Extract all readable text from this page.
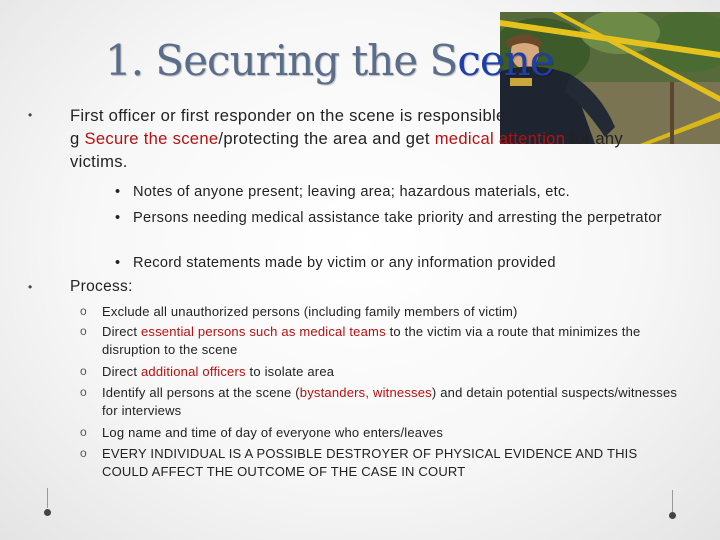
1. Securing the Scene
•	First officer or first responder on the scene is responsible
g Secure the scene/protecting the area and get medical attention for any victims.
• Notes of anyone present; leaving area; hazardous materials, etc.
• Persons needing medical assistance take priority and arresting the perpetrator
• Record statements made by victim or any information provided
• Process:
o	Exclude all unauthorized persons (including family members of victim)
o	Direct essential persons such as medical teams to the victim via a route that minimizes the disruption to the scene
o	Direct additional officers to isolate area
o	Identify all persons at the scene (bystanders, witnesses) and detain potential suspects/witnesses for interviews
o	Log name and time of day of everyone who enters/leaves
o	EVERY INDIVIDUAL IS A POSSIBLE DESTROYER OF PHYSICAL EVIDENCE AND THIS COULD AFFECT THE OUTCOME OF THE CASE IN COURT
